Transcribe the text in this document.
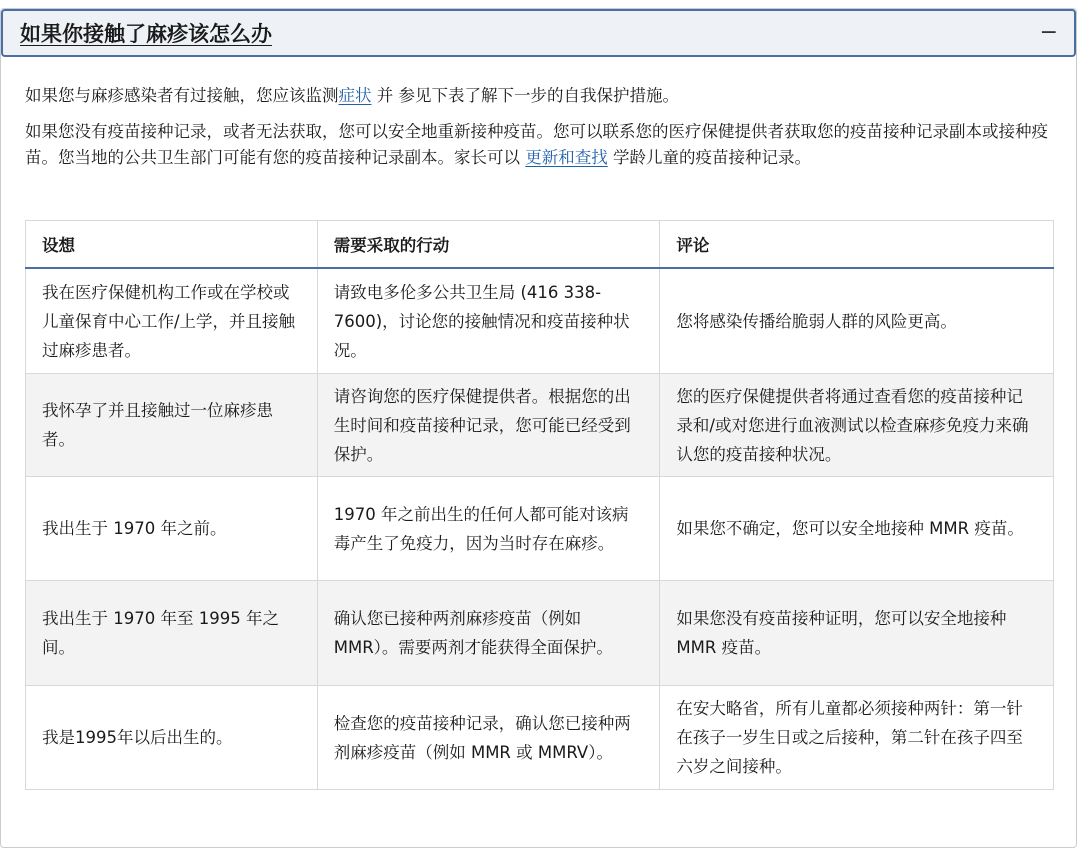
如果你接触了麻疹该怎么办	−

如果您与麻疹感染者有过接触，您应该监测症状 并 参见下表了解下一步的自我保护措施。

如果您没有疫苗接种记录，或者无法获取，您可以安全地重新接种疫苗。您可以联系您的医疗保健提供者获取您的疫苗接种记录副本或接种疫苗。您当地的公共卫生部门可能有您的疫苗接种记录副本。家长可以 更新和查找 学龄儿童的疫苗接种记录。

设想	需要采取的行动	评论
我在医疗保健机构工作或在学校或儿童保育中心工作/上学，并且接触过麻疹患者。	请致电多伦多公共卫生局 (416 338-7600)，讨论您的接触情况和疫苗接种状况。	您将感染传播给脆弱人群的风险更高。
我怀孕了并且接触过一位麻疹患者。	请咨询您的医疗保健提供者。根据您的出生时间和疫苗接种记录，您可能已经受到保护。	您的医疗保健提供者将通过查看您的疫苗接种记录和/或对您进行血液测试以检查麻疹免疫力来确认您的疫苗接种状况。
我出生于 1970 年之前。	1970 年之前出生的任何人都可能对该病毒产生了免疫力，因为当时存在麻疹。	如果您不确定，您可以安全地接种 MMR 疫苗。
我出生于 1970 年至 1995 年之间。	确认您已接种两剂麻疹疫苗（例如 MMR）。需要两剂才能获得全面保护。	如果您没有疫苗接种证明，您可以安全地接种 MMR 疫苗。
我是1995年以后出生的。	检查您的疫苗接种记录，确认您已接种两剂麻疹疫苗（例如 MMR 或 MMRV）。	在安大略省，所有儿童都必须接种两针：第一针在孩子一岁生日或之后接种，第二针在孩子四至六岁之间接种。
